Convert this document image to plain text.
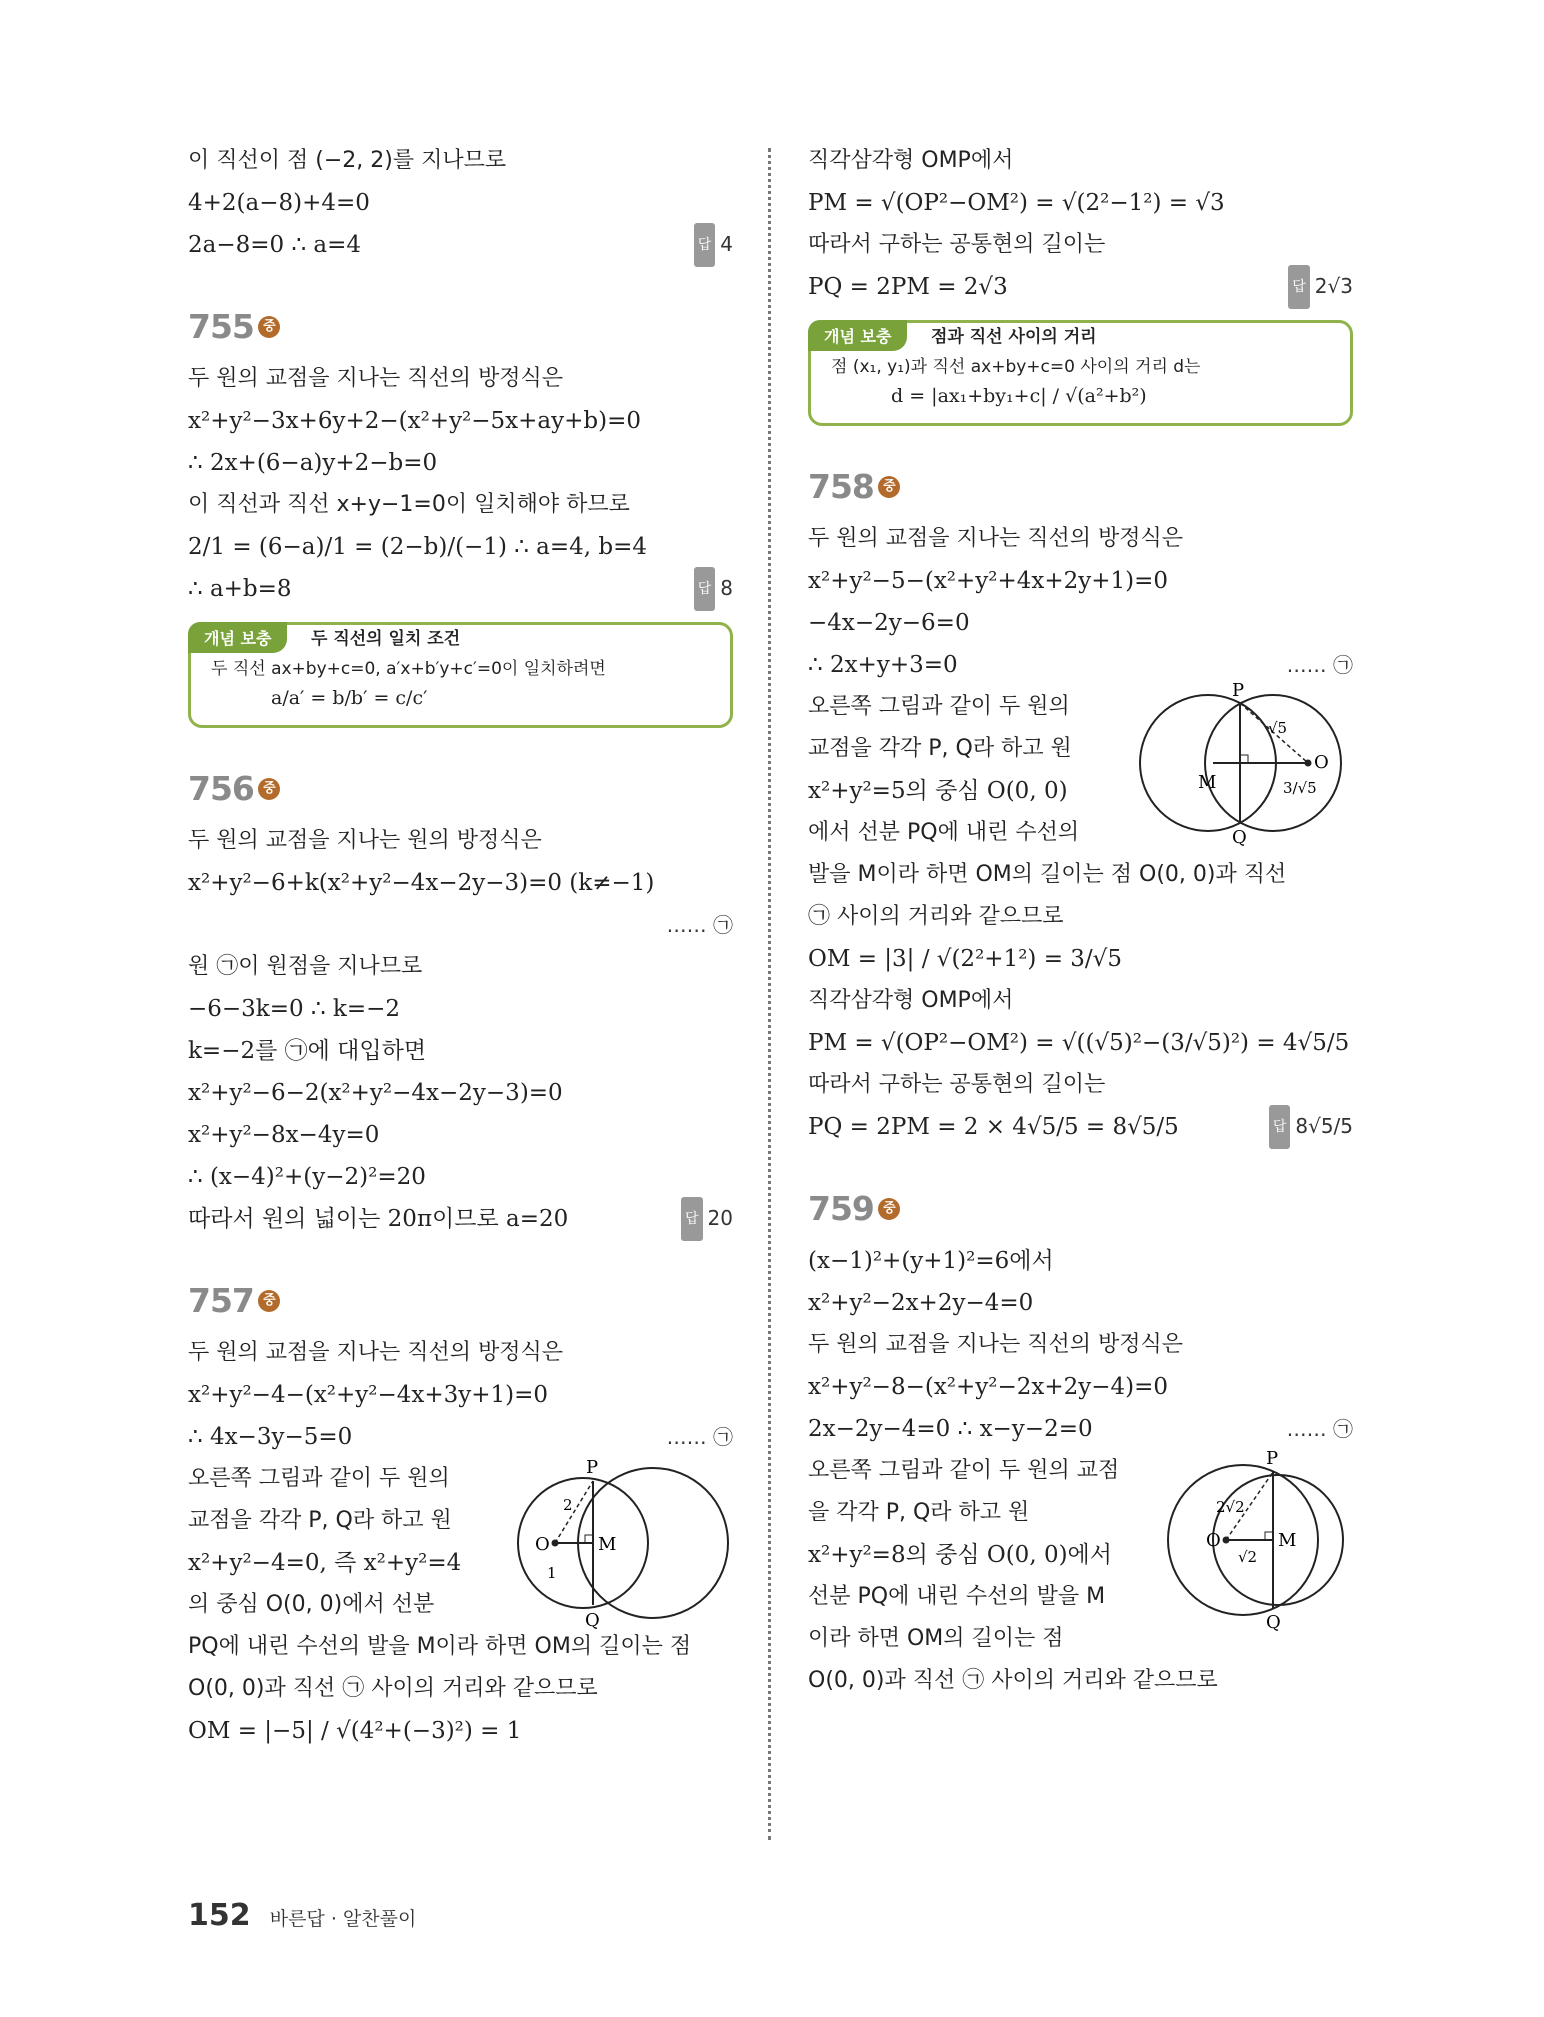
이 직선이 점 (−2, 2)를 지나므로
4+2(a−8)+4=0
2a−8=0 ∴ a=4	답 4
755 중
두 원의 교점을 지나는 직선의 방정식은
x²+y²−3x+6y+2−(x²+y²−5x+ay+b)=0
∴ 2x+(6−a)y+2−b=0
이 직선과 직선 x+y−1=0이 일치해야 하므로
2/1 = (6−a)/1 = (2−b)/(−1) ∴ a=4, b=4
∴ a+b=8	답 8
개념 보충	두 직선의 일치 조건
두 직선 ax+by+c=0, a′x+b′y+c′=0이 일치하려면
a/a′ = b/b′ = c/c′
756 중
두 원의 교점을 지나는 원의 방정식은
x²+y²−6+k(x²+y²−4x−2y−3)=0 (k≠−1)
…… ㉠
원 ㉠이 원점을 지나므로
−6−3k=0 ∴ k=−2
k=−2를 ㉠에 대입하면
x²+y²−6−2(x²+y²−4x−2y−3)=0
x²+y²−8x−4y=0
∴ (x−4)²+(y−2)²=20
따라서 원의 넓이는 20π이므로 a=20	답 20
757 중
두 원의 교점을 지나는 직선의 방정식은
x²+y²−4−(x²+y²−4x+3y+1)=0
∴ 4x−3y−5=0	…… ㉠
오른쪽 그림과 같이 두 원의
교점을 각각 P, Q라 하고 원
x²+y²−4=0, 즉 x²+y²=4
의 중심 O(0, 0)에서 선분
P
Q
O	M
2
1
PQ에 내린 수선의 발을 M이라 하면 OM의 길이는 점
O(0, 0)과 직선 ㉠ 사이의 거리와 같으므로
OM = |−5| / √(4²+(−3)²) = 1
직각삼각형 OMP에서
PM = √(OP²−OM²) = √(2²−1²) = √3
따라서 구하는 공통현의 길이는
PQ = 2PM = 2√3	답 2√3
개념 보충	점과 직선 사이의 거리
점 (x₁, y₁)과 직선 ax+by+c=0 사이의 거리 d는
d = |ax₁+by₁+c| / √(a²+b²)
758 중
두 원의 교점을 지나는 직선의 방정식은
x²+y²−5−(x²+y²+4x+2y+1)=0
−4x−2y−6=0
∴ 2x+y+3=0	…… ㉠
오른쪽 그림과 같이 두 원의
교점을 각각 P, Q라 하고 원
x²+y²=5의 중심 O(0, 0)
에서 선분 PQ에 내린 수선의
P
Q
O
M
√5
3/√5
발을 M이라 하면 OM의 길이는 점 O(0, 0)과 직선
㉠ 사이의 거리와 같으므로
OM = |3| / √(2²+1²) = 3/√5
직각삼각형 OMP에서
PM = √(OP²−OM²) = √((√5)²−(3/√5)²) = 4√5/5
따라서 구하는 공통현의 길이는
PQ = 2PM = 2 × 4√5/5 = 8√5/5	답 8√5/5
759 중
(x−1)²+(y+1)²=6에서
x²+y²−2x+2y−4=0
두 원의 교점을 지나는 직선의 방정식은
x²+y²−8−(x²+y²−2x+2y−4)=0
2x−2y−4=0 ∴ x−y−2=0	…… ㉠
오른쪽 그림과 같이 두 원의 교점
을 각각 P, Q라 하고 원
x²+y²=8의 중심 O(0, 0)에서
선분 PQ에 내린 수선의 발을 M
이라 하면 OM의 길이는 점
P
Q
O	M
2√2
√2
O(0, 0)과 직선 ㉠ 사이의 거리와 같으므로
152 바른답 · 알찬풀이
